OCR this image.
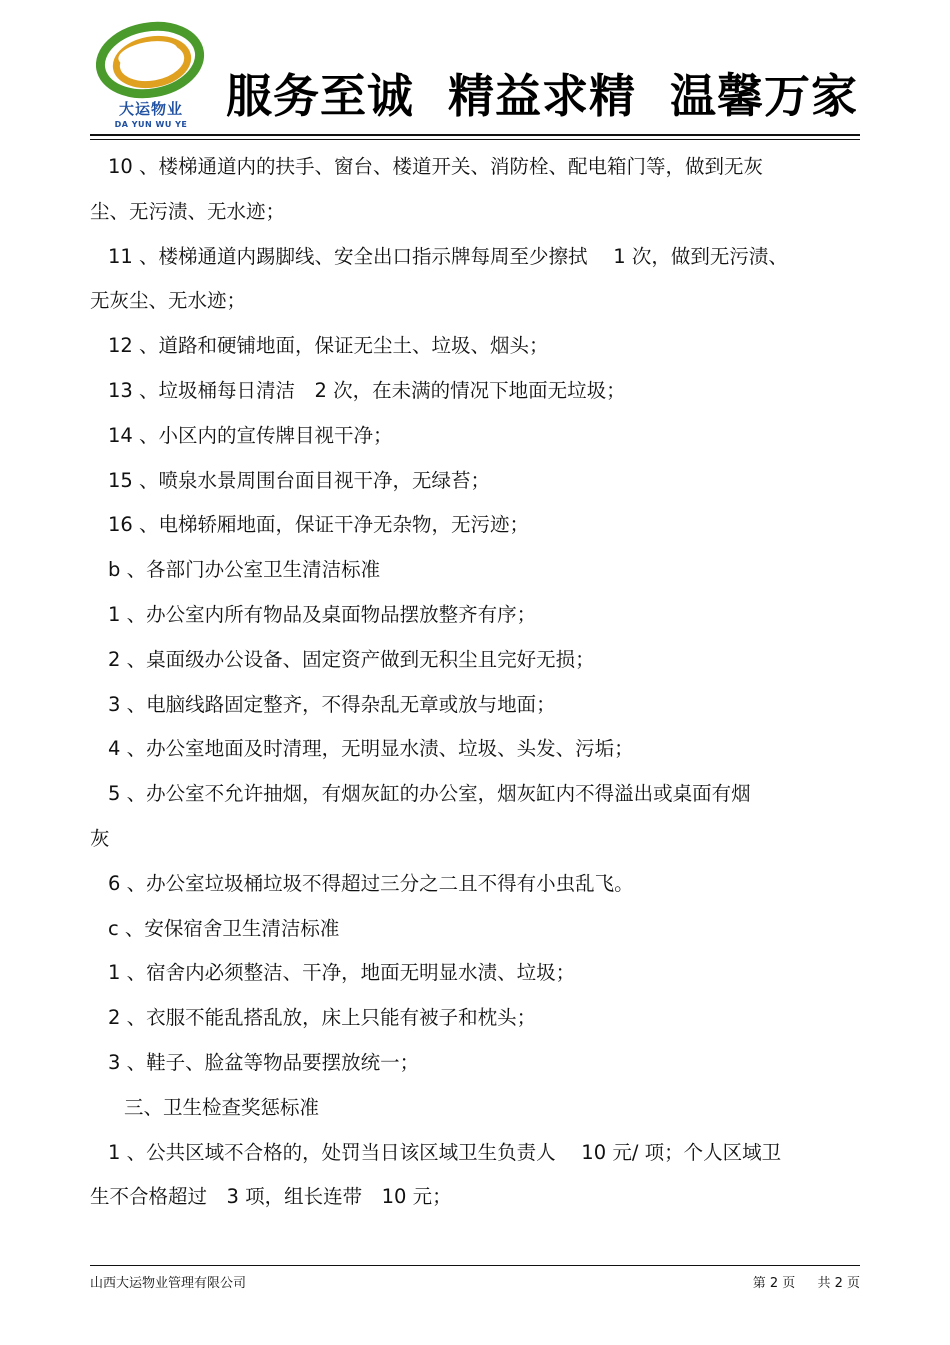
大运物业
DA YUN WU YE
服务至诚 精益求精 温馨万家
10 、楼梯通道内的扶手、窗台、楼道开关、消防栓、配电箱门等，做到无灰
尘、无污渍、无水迹；
11 、楼梯通道内踢脚线、安全出口指示牌每周至少擦拭　 1 次，做到无污渍、
无灰尘、无水迹；
12 、道路和硬铺地面，保证无尘土、垃圾、烟头；
13 、垃圾桶每日清洁　2 次，在未满的情况下地面无垃圾；
14 、小区内的宣传牌目视干净；
15 、喷泉水景周围台面目视干净，无绿苔；
16 、电梯轿厢地面，保证干净无杂物，无污迹；
b 、各部门办公室卫生清洁标准
1 、办公室内所有物品及桌面物品摆放整齐有序；
2 、桌面级办公设备、固定资产做到无积尘且完好无损；
3 、电脑线路固定整齐，不得杂乱无章或放与地面；
4 、办公室地面及时清理，无明显水渍、垃圾、头发、污垢；
5 、办公室不允许抽烟，有烟灰缸的办公室，烟灰缸内不得溢出或桌面有烟
灰
6 、办公室垃圾桶垃圾不得超过三分之二且不得有小虫乱飞。
c 、安保宿舍卫生清洁标准
1 、宿舍内必须整洁、干净，地面无明显水渍、垃圾；
2 、衣服不能乱搭乱放，床上只能有被子和枕头；
3 、鞋子、脸盆等物品要摆放统一；
三、卫生检查奖惩标准
1 、公共区域不合格的，处罚当日该区域卫生负责人　 10 元/ 项；个人区域卫
生不合格超过　3 项，组长连带　10 元；
山西大运物业管理有限公司	第 2 页 共 2 页
